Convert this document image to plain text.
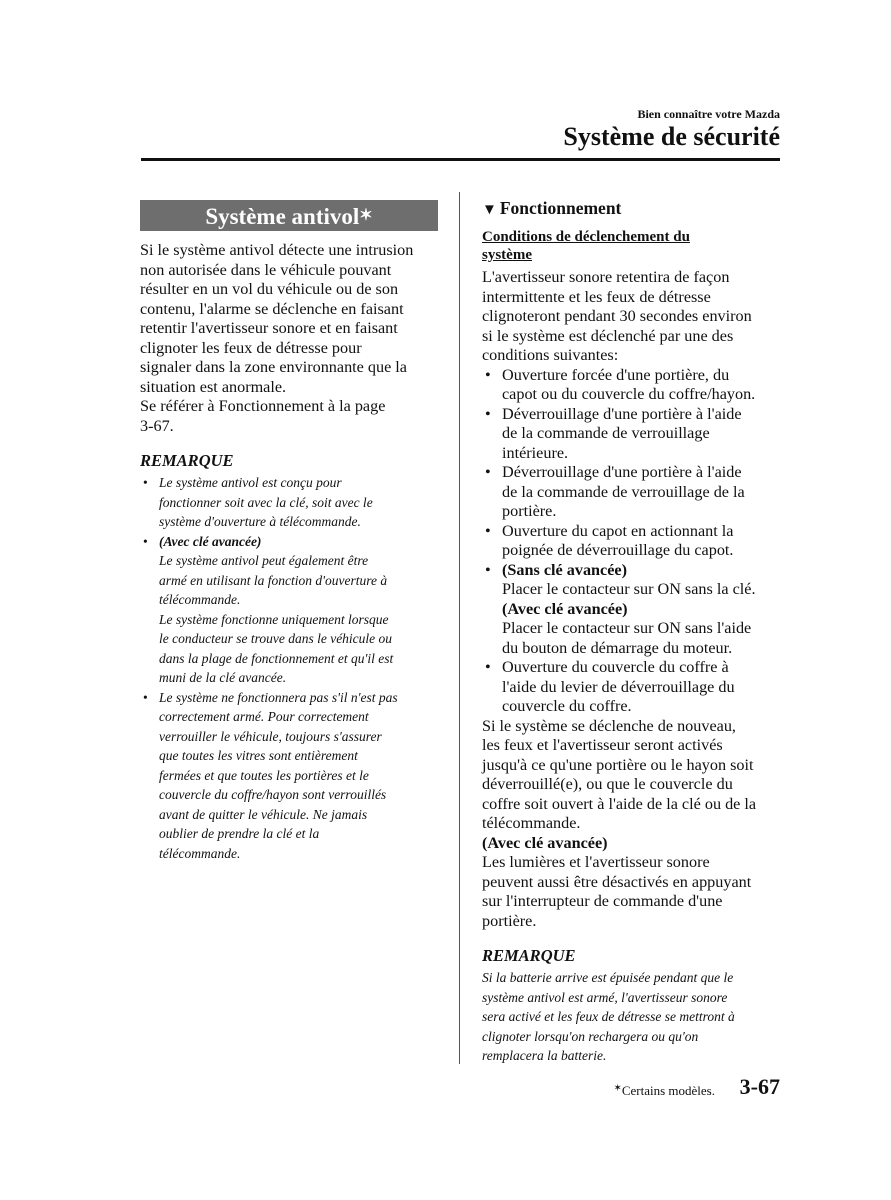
Bien connaître votre Mazda
Système de sécurité
Système antivol✶
Si le système antivol détecte une intrusion
non autorisée dans le véhicule pouvant
résulter en un vol du véhicule ou de son
contenu, l'alarme se déclenche en faisant
retentir l'avertisseur sonore et en faisant
clignoter les feux de détresse pour
signaler dans la zone environnante que la
situation est anormale.
Se référer à Fonctionnement à la page
3-67.
REMARQUE
• Le système antivol est conçu pour
fonctionner soit avec la clé, soit avec le
système d'ouverture à télécommande.
• (Avec clé avancée)
Le système antivol peut également être
armé en utilisant la fonction d'ouverture à
télécommande.
Le système fonctionne uniquement lorsque
le conducteur se trouve dans le véhicule ou
dans la plage de fonctionnement et qu'il est
muni de la clé avancée.
• Le système ne fonctionnera pas s'il n'est pas
correctement armé. Pour correctement
verrouiller le véhicule, toujours s'assurer
que toutes les vitres sont entièrement
fermées et que toutes les portières et le
couvercle du coffre/hayon sont verrouillés
avant de quitter le véhicule. Ne jamais
oublier de prendre la clé et la
télécommande.
▼ Fonctionnement
Conditions de déclenchement du
système
L'avertisseur sonore retentira de façon
intermittente et les feux de détresse
clignoteront pendant 30 secondes environ
si le système est déclenché par une des
conditions suivantes:
• Ouverture forcée d'une portière, du
capot ou du couvercle du coffre/hayon.
• Déverrouillage d'une portière à l'aide
de la commande de verrouillage
intérieure.
• Déverrouillage d'une portière à l'aide
de la commande de verrouillage de la
portière.
• Ouverture du capot en actionnant la
poignée de déverrouillage du capot.
• (Sans clé avancée)
Placer le contacteur sur ON sans la clé.
(Avec clé avancée)
Placer le contacteur sur ON sans l'aide
du bouton de démarrage du moteur.
• Ouverture du couvercle du coffre à
l'aide du levier de déverrouillage du
couvercle du coffre.
Si le système se déclenche de nouveau,
les feux et l'avertisseur seront activés
jusqu'à ce qu'une portière ou le hayon soit
déverrouillé(e), ou que le couvercle du
coffre soit ouvert à l'aide de la clé ou de la
télécommande.
(Avec clé avancée)
Les lumières et l'avertisseur sonore
peuvent aussi être désactivés en appuyant
sur l'interrupteur de commande d'une
portière.
REMARQUE
Si la batterie arrive est épuisée pendant que le
système antivol est armé, l'avertisseur sonore
sera activé et les feux de détresse se mettront à
clignoter lorsqu'on rechargera ou qu'on
remplacera la batterie.
✶Certains modèles. 3-67
